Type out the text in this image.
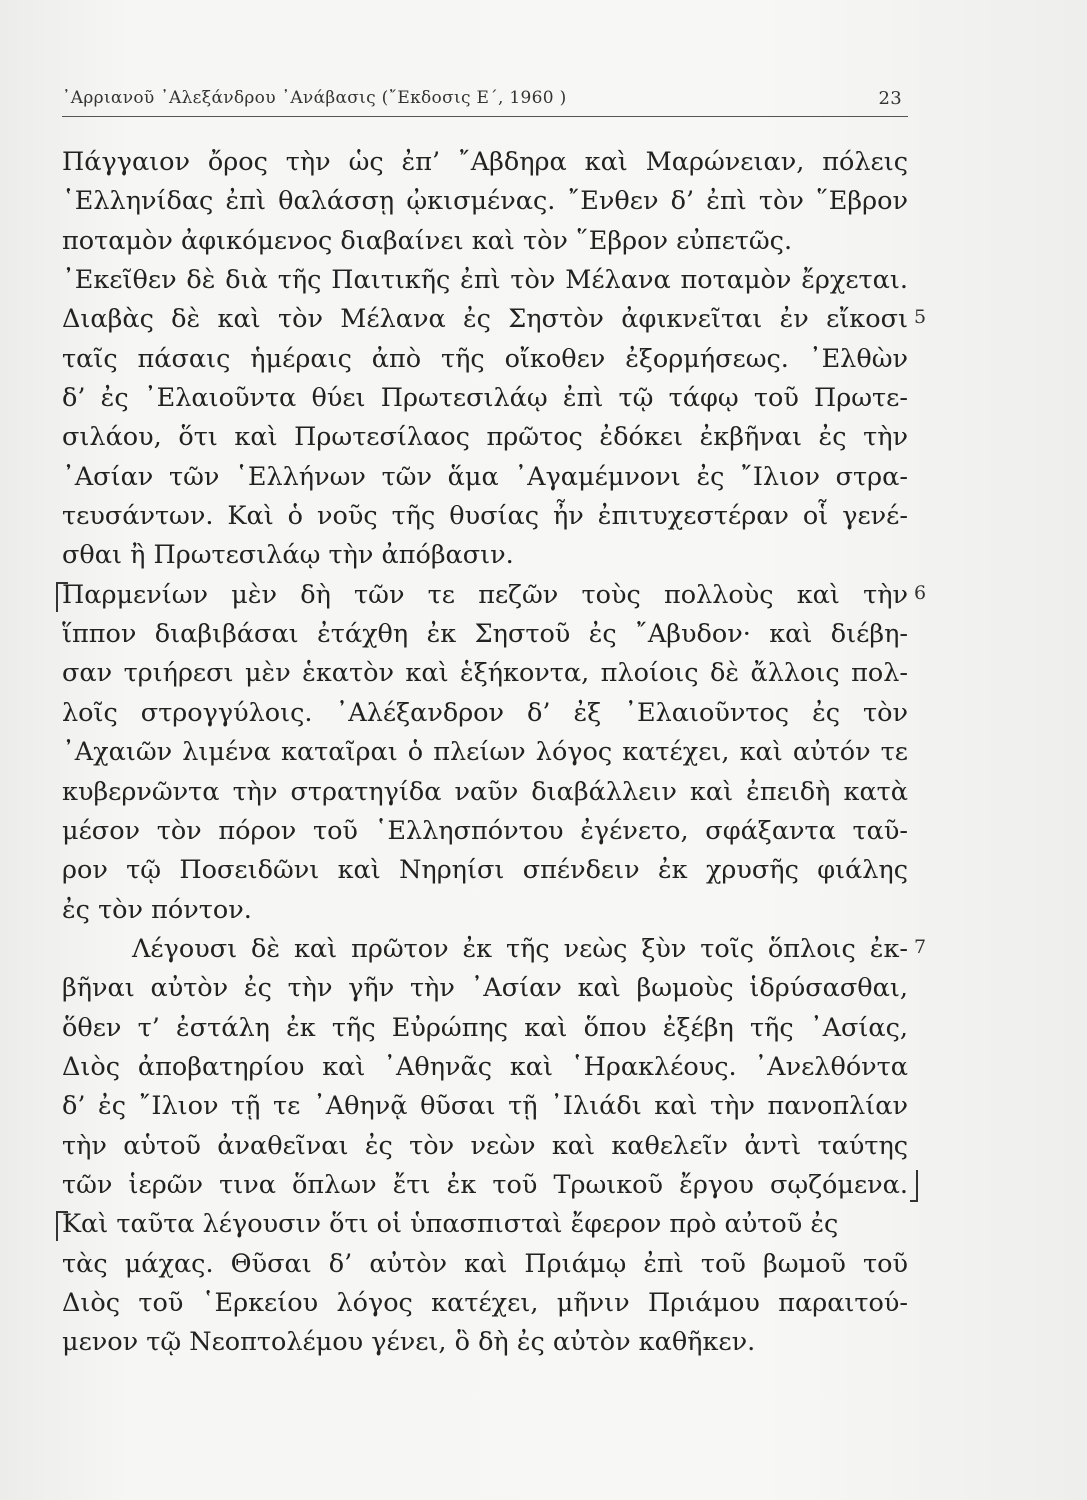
᾿Αρριανοῦ ᾿Αλεξάνδρου ᾿Ανάβασις (῎Εκδοσις Ε΄, 1960 )	23
Πάγγαιον ὄρος τὴν ὡς ἐπ’ ῎Αβδηρα καὶ Μαρώνειαν, πόλεις
῾Ελληνίδας ἐπὶ θαλάσσῃ ᾠκισμένας. ῎Ενθεν δ’ ἐπὶ τὸν ῞Εβρον
ποταμὸν ἀφικόμενος διαβαίνει καὶ τὸν ῞Εβρον εὐπετῶς.
᾿Εκεῖθεν δὲ διὰ τῆς Παιτικῆς ἐπὶ τὸν Μέλανα ποταμὸν ἔρχεται.
Διαβὰς δὲ καὶ τὸν Μέλανα ἐς Σηστὸν ἀφικνεῖται ἐν εἴκοσι
ταῖς πάσαις ἡμέραις ἀπὸ τῆς οἴκοθεν ἐξορμήσεως. ᾿Ελθὼν
δ’ ἐς ᾿Ελαιοῦντα θύει Πρωτεσιλάῳ ἐπὶ τῷ τάφῳ τοῦ Πρωτε-
σιλάου, ὅτι καὶ Πρωτεσίλαος πρῶτος ἐδόκει ἐκβῆναι ἐς τὴν
᾿Ασίαν τῶν ῾Ελλήνων τῶν ἅμα ᾿Αγαμέμνονι ἐς ῎Ιλιον στρα-
τευσάντων. Καὶ ὁ νοῦς τῆς θυσίας ἦν ἐπιτυχεστέραν οἷ γενέ-
σθαι ἢ Πρωτεσιλάῳ τὴν ἀπόβασιν.
Παρμενίων μὲν δὴ τῶν τε πεζῶν τοὺς πολλοὺς καὶ τὴν
ἵππον διαβιβάσαι ἐτάχθη ἐκ Σηστοῦ ἐς ῎Αβυδον· καὶ διέβη-
σαν τριήρεσι μὲν ἑκατὸν καὶ ἑξήκοντα, πλοίοις δὲ ἄλλοις πολ-
λοῖς στρογγύλοις. ᾿Αλέξανδρον δ’ ἐξ ᾿Ελαιοῦντος ἐς τὸν
᾿Αχαιῶν λιμένα καταῖραι ὁ πλείων λόγος κατέχει, καὶ αὐτόν τε
κυβερνῶντα τὴν στρατηγίδα ναῦν διαβάλλειν καὶ ἐπειδὴ κατὰ
μέσον τὸν πόρον τοῦ ῾Ελλησπόντου ἐγένετο, σφάξαντα ταῦ-
ρον τῷ Ποσειδῶνι καὶ Νηρηίσι σπένδειν ἐκ χρυσῆς φιάλης
ἐς τὸν πόντον.
Λέγουσι δὲ καὶ πρῶτον ἐκ τῆς νεὼς ξὺν τοῖς ὅπλοις ἐκ-
βῆναι αὐτὸν ἐς τὴν γῆν τὴν ᾿Ασίαν καὶ βωμοὺς ἱδρύσασθαι,
ὅθεν τ’ ἐστάλη ἐκ τῆς Εὐρώπης καὶ ὅπου ἐξέβη τῆς ᾿Ασίας,
Διὸς ἀποβατηρίου καὶ ᾿Αθηνᾶς καὶ ῾Ηρακλέους. ᾿Ανελθόντα
δ’ ἐς ῎Ιλιον τῇ τε ᾿Αθηνᾷ θῦσαι τῇ ᾿Ιλιάδι καὶ τὴν πανοπλίαν
τὴν αὑτοῦ ἀναθεῖναι ἐς τὸν νεὼν καὶ καθελεῖν ἀντὶ ταύτης
τῶν ἱερῶν τινα ὅπλων ἔτι ἐκ τοῦ Τρωικοῦ ἔργου σῳζόμενα.
Καὶ ταῦτα λέγουσιν ὅτι οἱ ὑπασπισταὶ ἔφερον πρὸ αὐτοῦ ἐς
τὰς μάχας. Θῦσαι δ’ αὐτὸν καὶ Πριάμῳ ἐπὶ τοῦ βωμοῦ τοῦ
Διὸς τοῦ ῾Ερκείου λόγος κατέχει, μῆνιν Πριάμου παραιτού-
μενον τῷ Νεοπτολέμου γένει, ὃ δὴ ἐς αὐτὸν καθῆκεν.
5
6
7
